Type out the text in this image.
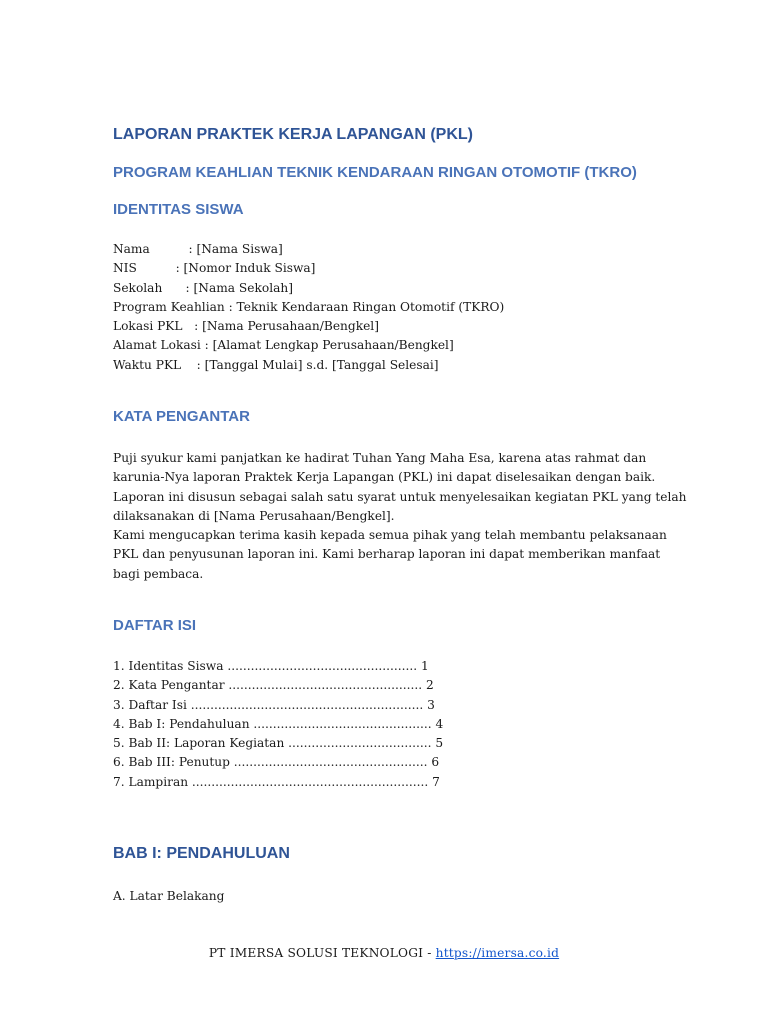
LAPORAN PRAKTEK KERJA LAPANGAN (PKL)
PROGRAM KEAHLIAN TEKNIK KENDARAAN RINGAN OTOMOTIF (TKRO)
IDENTITAS SISWA
Nama          : [Nama Siswa]
NIS          : [Nomor Induk Siswa]
Sekolah      : [Nama Sekolah]
Program Keahlian : Teknik Kendaraan Ringan Otomotif (TKRO)
Lokasi PKL   : [Nama Perusahaan/Bengkel]
Alamat Lokasi : [Alamat Lengkap Perusahaan/Bengkel]
Waktu PKL    : [Tanggal Mulai] s.d. [Tanggal Selesai]
KATA PENGANTAR
Puji syukur kami panjatkan ke hadirat Tuhan Yang Maha Esa, karena atas rahmat dan
karunia-Nya laporan Praktek Kerja Lapangan (PKL) ini dapat diselesaikan dengan baik.
Laporan ini disusun sebagai salah satu syarat untuk menyelesaikan kegiatan PKL yang telah
dilaksanakan di [Nama Perusahaan/Bengkel].
Kami mengucapkan terima kasih kepada semua pihak yang telah membantu pelaksanaan
PKL dan penyusunan laporan ini. Kami berharap laporan ini dapat memberikan manfaat
bagi pembaca.
DAFTAR ISI
1. Identitas Siswa ................................................. 1
2. Kata Pengantar .................................................. 2
3. Daftar Isi ............................................................ 3
4. Bab I: Pendahuluan .............................................. 4
5. Bab II: Laporan Kegiatan ..................................... 5
6. Bab III: Penutup .................................................. 6
7. Lampiran ............................................................. 7
BAB I: PENDAHULUAN
A. Latar Belakang
PT IMERSA SOLUSI TEKNOLOGI - https://imersa.co.id
